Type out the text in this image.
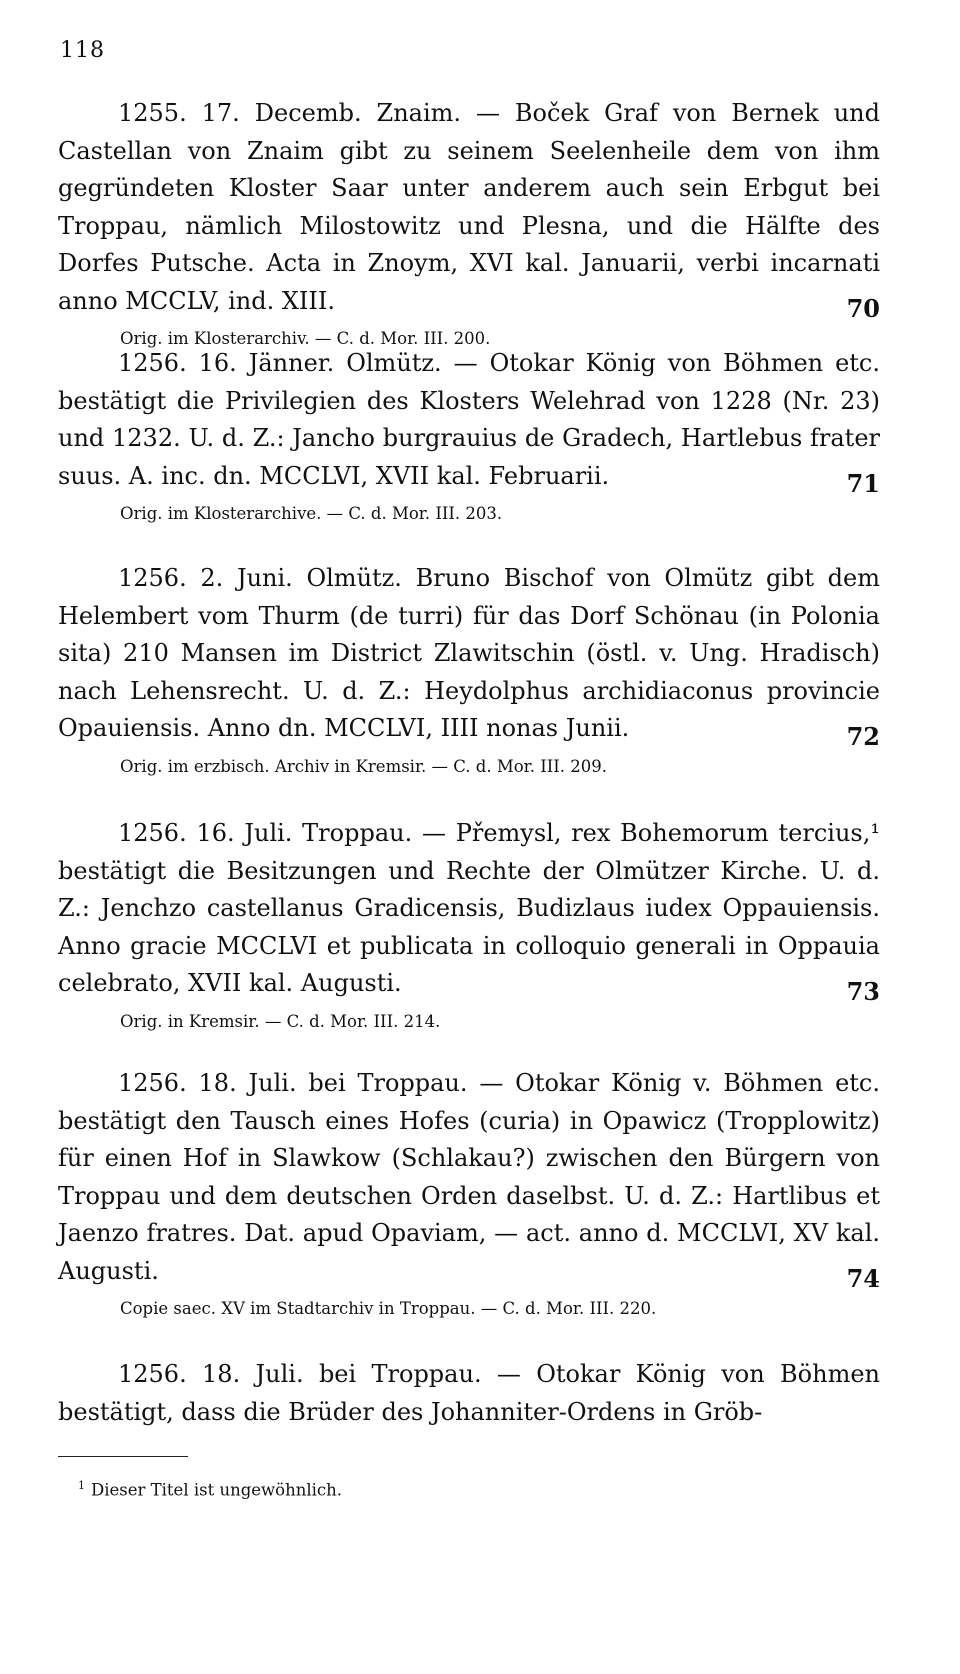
118

1255. 17. Decemb. Znaim. — Boček Graf von Bernek und Castellan von Znaim gibt zu seinem Seelenheile dem von ihm gegründeten Kloster Saar unter anderem auch sein Erbgut bei Troppau, nämlich Milostowitz und Plesna, und die Hälfte des Dorfes Putsche. Acta in Znoym, XVI kal. Januarii, verbi incarnati anno MCCLV, ind. XIII.

Orig. im Klosterarchiv. — C. d. Mor. III. 200.
70

1256. 16. Jänner. Olmütz. — Otokar König von Böhmen etc. bestätigt die Privilegien des Klosters Welehrad von 1228 (Nr. 23) und 1232. U. d. Z.: Jancho burgrauius de Gradech, Hartlebus frater suus. A. inc. dn. MCCLVI, XVII kal. Februarii.

Orig. im Klosterarchive. — C. d. Mor. III. 203.
71

1256. 2. Juni. Olmütz. Bruno Bischof von Olmütz gibt dem Helembert vom Thurm (de turri) für das Dorf Schönau (in Polonia sita) 210 Mansen im District Zlawitschin (östl. v. Ung. Hradisch) nach Lehensrecht. U. d. Z.: Heydolphus archidiaconus provincie Opauiensis. Anno dn. MCCLVI, IIII nonas Junii.

Orig. im erzbisch. Archiv in Kremsir. — C. d. Mor. III. 209.
72

1256. 16. Juli. Troppau. — Přemysl, rex Bohemorum tercius,¹ bestätigt die Besitzungen und Rechte der Olmützer Kirche. U. d. Z.: Jenchzo castellanus Gradicensis, Budizlaus iudex Oppauiensis. Anno gracie MCCLVI et publicata in colloquio generali in Oppauia celebrato, XVII kal. Augusti.

Orig. in Kremsir. — C. d. Mor. III. 214.
73

1256. 18. Juli. bei Troppau. — Otokar König v. Böhmen etc. bestätigt den Tausch eines Hofes (curia) in Opawicz (Tropplowitz) für einen Hof in Slawkow (Schlakau?) zwischen den Bürgern von Troppau und dem deutschen Orden daselbst. U. d. Z.: Hartlibus et Jaenzo fratres. Dat. apud Opaviam, — act. anno d. MCCLVI, XV kal. Augusti.

Copie saec. XV im Stadtarchiv in Troppau. — C. d. Mor. III. 220.
74

1256. 18. Juli. bei Troppau. — Otokar König von Böhmen bestätigt, dass die Brüder des Johanniter-Ordens in Gröb-

$^1$ Dieser Titel ist ungewöhnlich.
